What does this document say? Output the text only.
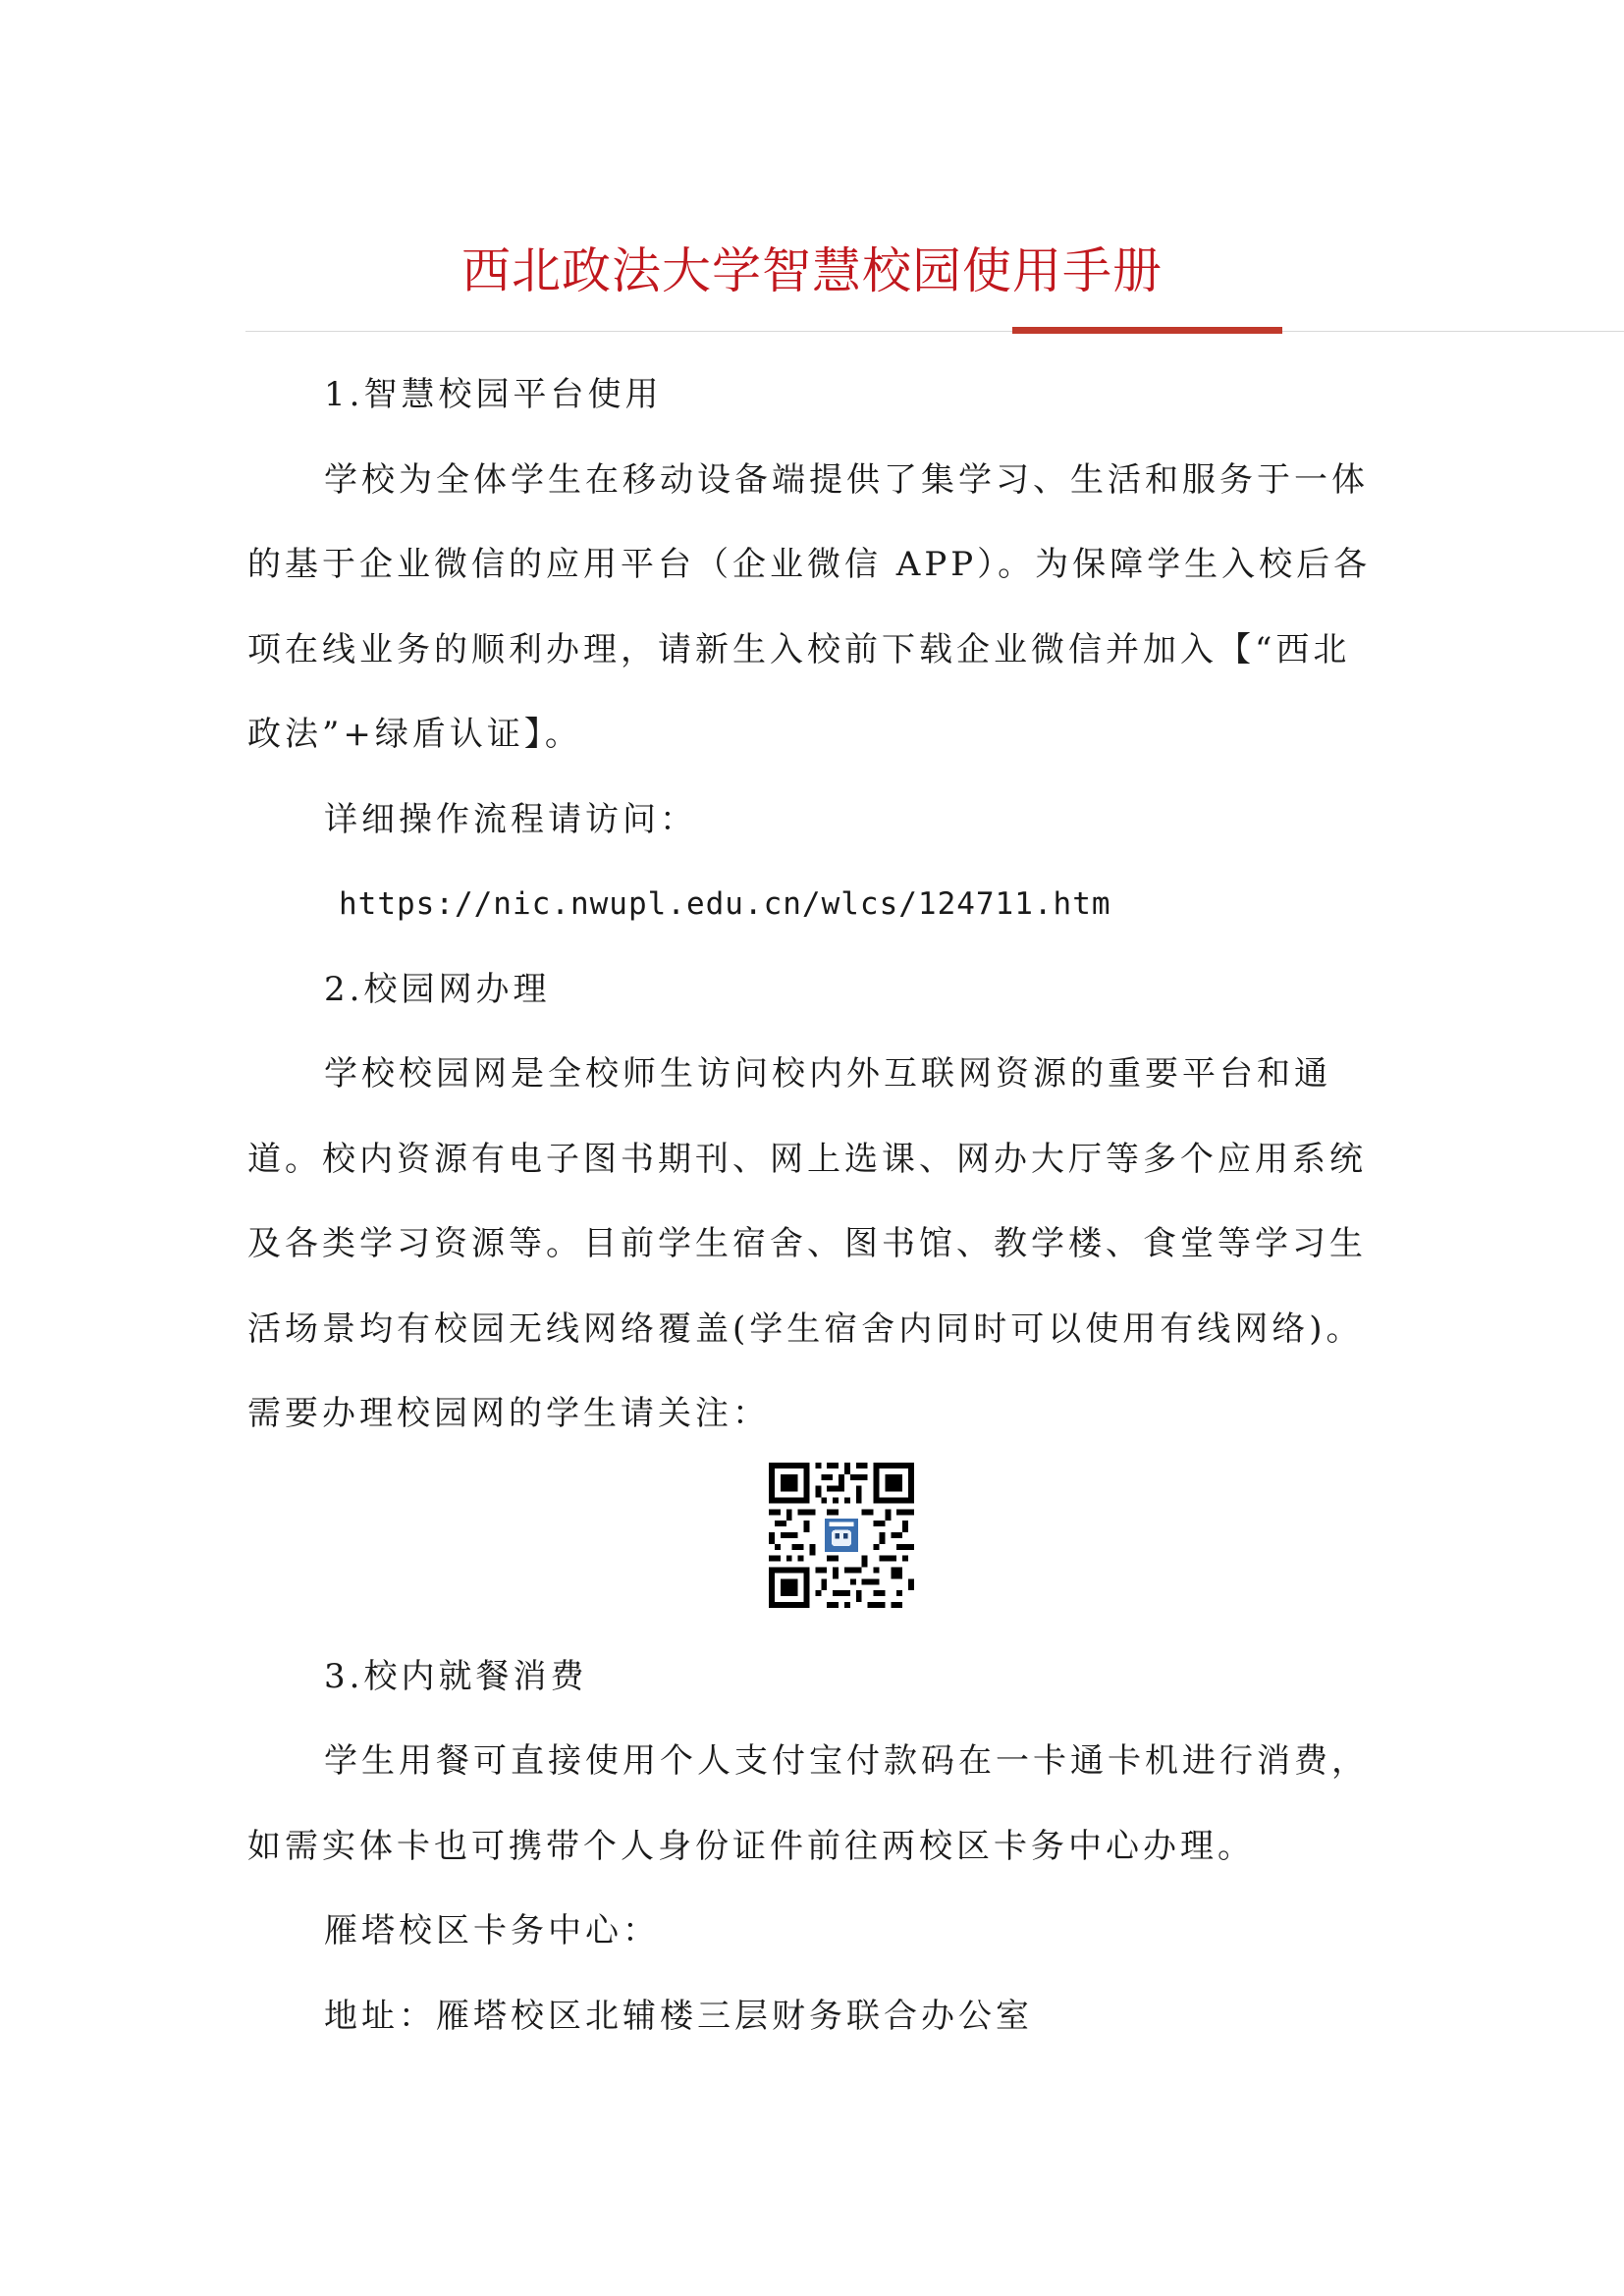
西北政法大学智慧校园使用手册
1.智慧校园平台使用
学校为全体学生在移动设备端提供了集学习、生活和服务于一体
的基于企业微信的应用平台（企业微信 APP）。为保障学生入校后各
项在线业务的顺利办理，请新生入校前下载企业微信并加入【“西北
政法”+绿盾认证】。
详细操作流程请访问：
https://nic.nwupl.edu.cn/wlcs/124711.htm
2.校园网办理
学校校园网是全校师生访问校内外互联网资源的重要平台和通
道。校内资源有电子图书期刊、网上选课、网办大厅等多个应用系统
及各类学习资源等。目前学生宿舍、图书馆、教学楼、食堂等学习生
活场景均有校园无线网络覆盖(学生宿舍内同时可以使用有线网络)。
需要办理校园网的学生请关注：
3.校内就餐消费
学生用餐可直接使用个人支付宝付款码在一卡通卡机进行消费，
如需实体卡也可携带个人身份证件前往两校区卡务中心办理。
雁塔校区卡务中心：
地址：雁塔校区北辅楼三层财务联合办公室
